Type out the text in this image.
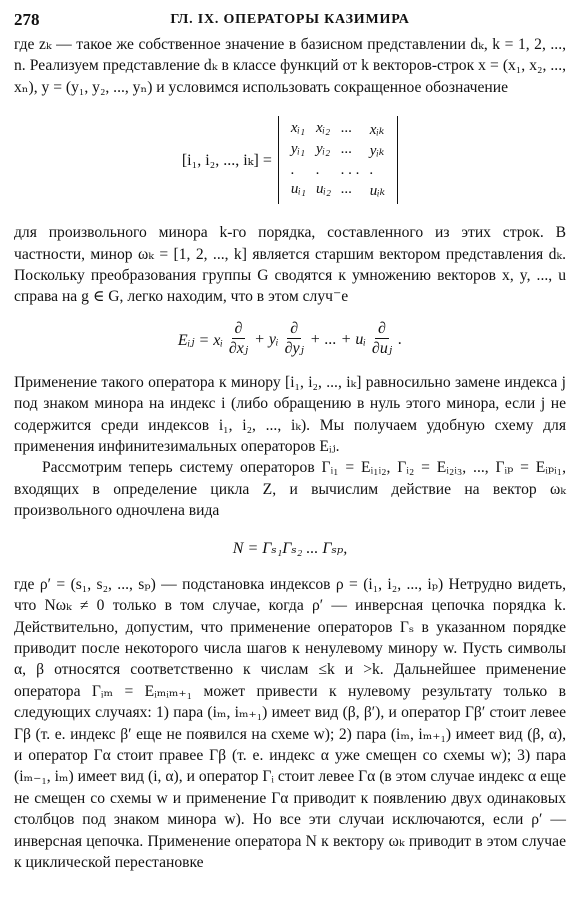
278	ГЛ. IX. ОПЕРАТОРЫ КАЗИМИРА

где zₖ — такое же собственное значение в базисном представлении dₖ, k = 1, 2, ..., n. Реализуем представление dₖ в классе функций от k векторов-строк x = (x₁, x₂, ..., xₙ), y = (y₁, y₂, ..., yₙ) и условимся использовать сокращенное обозначение

[i₁, i₂, ..., iₖ] =
xᵢ₁ xᵢ₂ ...	xᵢₖ
yᵢ₁ yᵢ₂ ...	yᵢₖ
.	.	. . . .
uᵢ₁ uᵢ₂ ...	uᵢₖ

для произвольного минора k-го порядка, составленного из этих строк. В частности, минор ωₖ = [1, 2, ..., k] является старшим вектором представления dₖ. Поскольку преобразования группы G сводятся к умножению векторов x, y, ..., u справа на g ∈ G, легко находим, что в этом случ⁻е

Eᵢⱼ = xᵢ $\frac{\partial}{\text{∂xⱼ}}$ + yᵢ $\frac{\partial}{\text{∂yⱼ}}$ + ... + uᵢ $\frac{\partial}{\text{∂uⱼ}}$ .

Применение такого оператора к минору [i₁, i₂, ..., iₖ] равносильно замене индекса j под знаком минора на индекс i (либо обращению в нуль этого минора, если j не содержится среди индексов i₁, i₂, ..., iₖ). Мы получаем удобную схему для применения инфинитезимальных операторов Eᵢⱼ.

Рассмотрим теперь систему операторов Γᵢ₁ = Eᵢ₁ᵢ₂, Γᵢ₂ = Eᵢ₂ᵢ₃, ..., Γᵢₚ = Eᵢₚᵢ₁, входящих в определение цикла Z, и вычислим действие на вектор ωₖ произвольного одночлена вида

N = Γₛ₁Γₛ₂ ... Γₛₚ,

где ρ′ = (s₁, s₂, ..., sₚ) — подстановка индексов ρ = (i₁, i₂, ..., iₚ) Нетрудно видеть, что Nωₖ ≠ 0 только в том случае, когда ρ′ — инверсная цепочка порядка k. Действительно, допустим, что применение операторов Γₛ в указанном порядке приводит после некоторого числа шагов к ненулевому минору w. Пусть символы α, β относятся соответственно к числам ≤k и >k. Дальнейшее применение оператора Γᵢₘ = Eᵢₘᵢₘ₊₁ может привести к нулевому результату только в следующих случаях: 1) пара (iₘ, iₘ₊₁) имеет вид (β, β′), и оператор Γβ′ стоит левее Γβ (т. е. индекс β′ еще не появился на схеме w); 2) пара (iₘ, iₘ₊₁) имеет вид (β, α), и оператор Γα стоит правее Γβ (т. е. индекс α уже смещен со схемы w); 3) пара (iₘ₋₁, iₘ) имеет вид (i, α), и оператор Γᵢ стоит левее Γα (в этом случае индекс α еще не смещен со схемы w и применение Γα приводит к появлению двух одинаковых столбцов под знаком минора w). Но все эти случаи исключаются, если ρ′ — инверсная цепочка. Применение оператора N к вектору ωₖ приводит в этом случае к циклической перестановке
